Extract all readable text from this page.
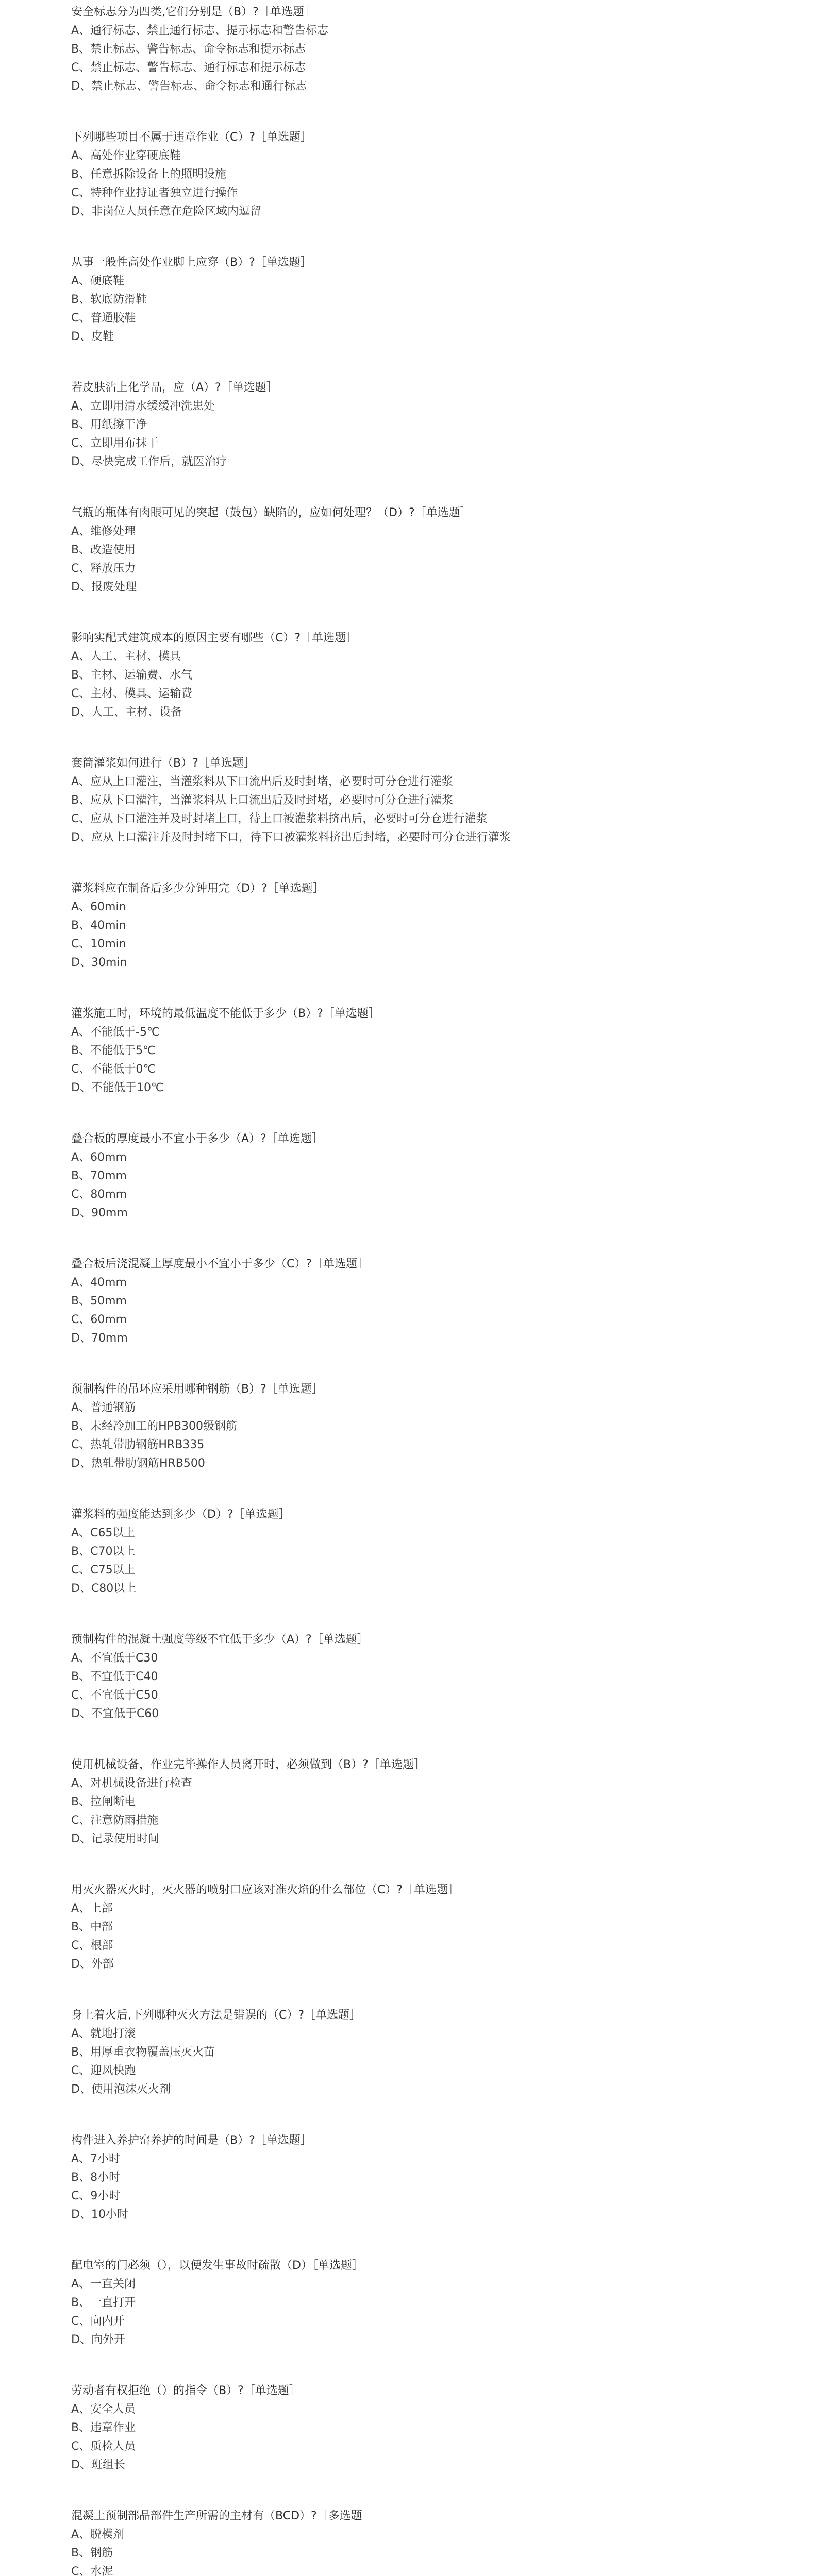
安全标志分为四类,它们分别是（B）?［单选题］

A、通行标志、禁止通行标志、提示标志和警告标志

B、禁止标志、警告标志、命令标志和提示标志

C、禁止标志、警告标志、通行标志和提示标志

D、禁止标志、警告标志、命令标志和通行标志

下列哪些项目不属于违章作业（C）?［单选题］

A、高处作业穿硬底鞋

B、任意拆除设备上的照明设施

C、特种作业持证者独立进行操作

D、非岗位人员任意在危险区域内逗留

从事一般性高处作业脚上应穿（B）?［单选题］

A、硬底鞋

B、软底防滑鞋

C、普通胶鞋

D、皮鞋

若皮肤沾上化学品，应（A）?［单选题］

A、立即用清水缓缓冲洗患处

B、用纸擦干净

C、立即用布抹干

D、尽快完成工作后，就医治疗

气瓶的瓶体有肉眼可见的突起（鼓包）缺陷的，应如何处理？（D）?［单选题］

A、维修处理

B、改造使用

C、释放压力

D、报废处理

影响实配式建筑成本的原因主要有哪些（C）?［单选题］

A、人工、主材、模具

B、主材、运输费、水气

C、主材、模具、运输费

D、人工、主材、设备

套筒灌浆如何进行（B）?［单选题］

A、应从上口灌注，当灌浆料从下口流出后及时封堵，必要时可分仓进行灌浆

B、应从下口灌注，当灌浆料从上口流出后及时封堵，必要时可分仓进行灌浆

C、应从下口灌注并及时封堵上口，待上口被灌浆料挤出后，必要时可分仓进行灌浆

D、应从上口灌注并及时封堵下口，待下口被灌浆料挤出后封堵，必要时可分仓进行灌浆

灌浆料应在制备后多少分钟用完（D）?［单选题］

A、60min

B、40min

C、10min

D、30min

灌浆施工时，环境的最低温度不能低于多少（B）?［单选题］

A、不能低于-5℃

B、不能低于5℃

C、不能低于0℃

D、不能低于10℃

叠合板的厚度最小不宜小于多少（A）?［单选题］

A、60mm

B、70mm

C、80mm

D、90mm

叠合板后浇混凝土厚度最小不宜小于多少（C）?［单选题］

A、40mm

B、50mm

C、60mm

D、70mm

预制构件的吊环应采用哪种钢筋（B）?［单选题］

A、普通钢筋

B、未经冷加工的HPB300级钢筋

C、热轧带肋钢筋HRB335

D、热轧带肋钢筋HRB500

灌浆料的强度能达到多少（D）?［单选题］

A、C65以上

B、C70以上

C、C75以上

D、C80以上

预制构件的混凝土强度等级不宜低于多少（A）?［单选题］

A、不宜低于C30

B、不宜低于C40

C、不宜低于C50

D、不宜低于C60

使用机械设备，作业完毕操作人员离开时，必须做到（B）?［单选题］

A、对机械设备进行检查

B、拉闸断电

C、注意防雨措施

D、记录使用时间

用灭火器灭火时，灭火器的喷射口应该对准火焰的什么部位（C）?［单选题］

A、上部

B、中部

C、根部

D、外部

身上着火后,下列哪种灭火方法是错误的（C）?［单选题］

A、就地打滚

B、用厚重衣物覆盖压灭火苗

C、迎风快跑

D、使用泡沫灭火剂

构件进入养护窑养护的时间是（B）?［单选题］

A、7小时

B、8小时

C、9小时

D、10小时

配电室的门必须（），以便发生事故时疏散（D）［单选题］

A、一直关闭

B、一直打开

C、向内开

D、向外开

劳动者有权拒绝（）的指令（B）?［单选题］

A、安全人员

B、违章作业

C、质检人员

D、班组长

混凝土预制部品部件生产所需的主材有（BCD）?［多选题］

A、脱模剂

B、钢筋

C、水泥
